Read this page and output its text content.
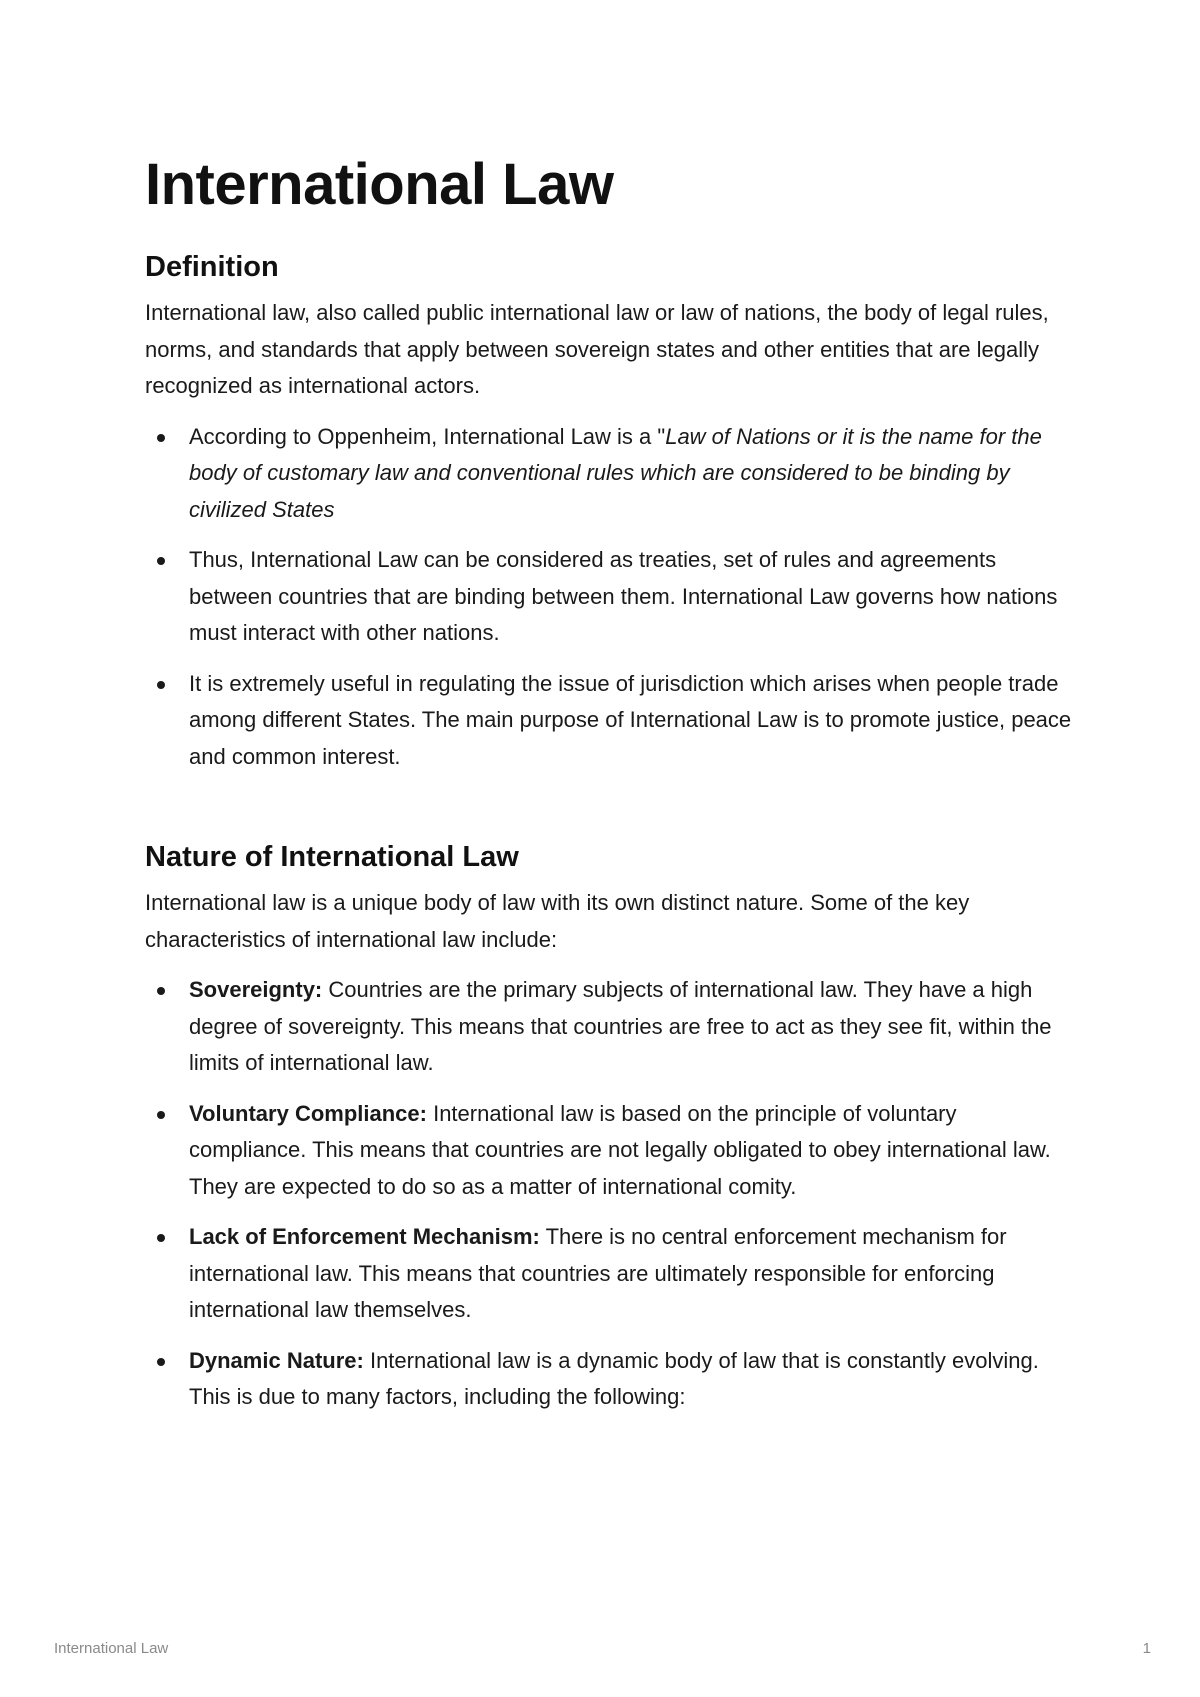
International Law
Definition

International law, also called public international law or law of nations, the body of legal rules, norms, and standards that apply between sovereign states and other entities that are legally
recognized as international actors.

According to Oppenheim, International Law is a "Law of Nations or it is the name for the body of customary law and conventional rules which are considered to be binding by civilized States
Thus, International Law can be considered as treaties, set of rules and agreements between countries that are binding between them. International Law governs how nations must interact with other nations.
It is extremely useful in regulating the issue of jurisdiction which arises when people trade among different States. The main purpose of International Law is to promote justice, peace and common interest.
Nature of International Law

International law is a unique body of law with its own distinct nature. Some of the key characteristics of international law include:

Sovereignty: Countries are the primary subjects of international law. They have a high degree of sovereignty. This means that countries are free to act as they see fit, within the limits of international law.
Voluntary Compliance: International law is based on the principle of voluntary compliance. This means that countries are not legally obligated to obey international law. They are expected to do so as a matter of international comity.
Lack of Enforcement Mechanism: There is no central enforcement mechanism for international law. This means that countries are ultimately responsible for enforcing international law themselves.
Dynamic Nature: International law is a dynamic body of law that is constantly evolving. This is due to many factors, including the following:
International Law	1
